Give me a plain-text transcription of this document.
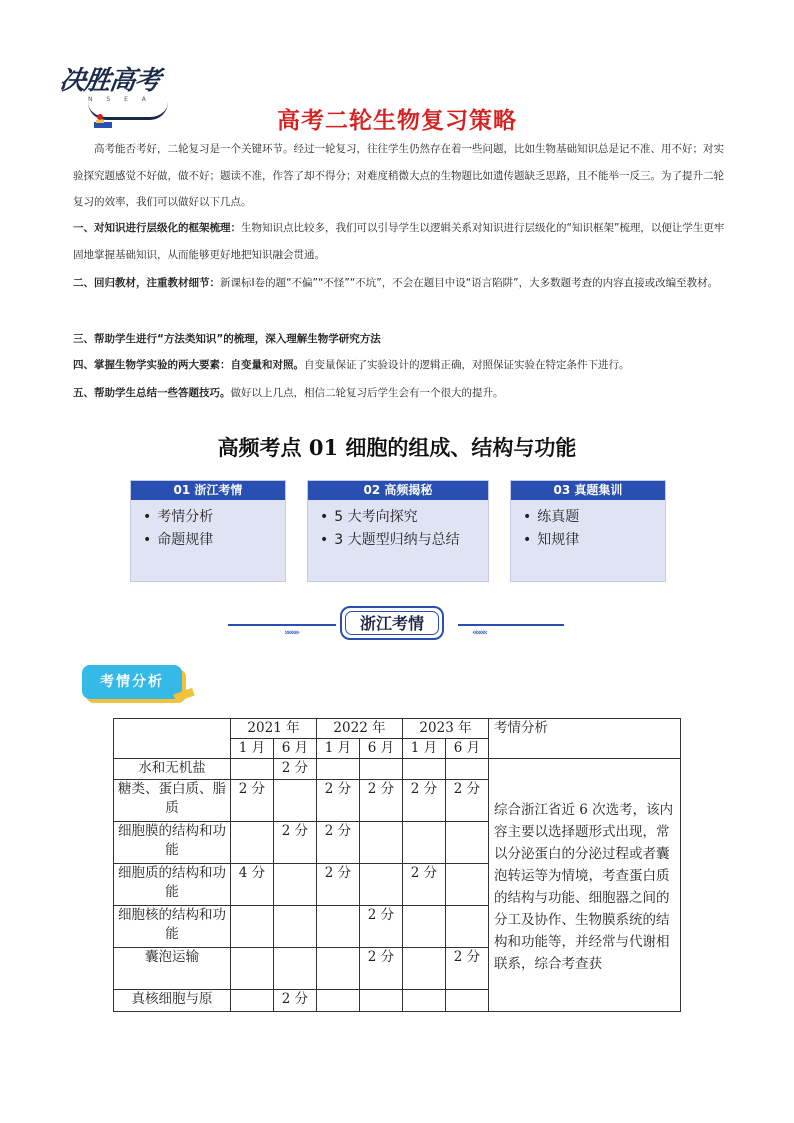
决胜高考
N S E A
高考二轮生物复习策略
高考能否考好，二轮复习是一个关键环节。经过一轮复习，往往学生仍然存在着一些问题，比如生物基础知识总是记不准、用不好；对实验探究题感觉不好做，做不好；题读不准，作答了却不得分；对难度稍微大点的生物题比如遗传题缺乏思路，且不能举一反三。为了提升二轮复习的效率，我们可以做好以下几点。
一、对知识进行层级化的框架梳理：生物知识点比较多，我们可以引导学生以逻辑关系对知识进行层级化的“知识框架”梳理，以便让学生更牢固地掌握基础知识，从而能够更好地把知识融会贯通。
二、回归教材，注重教材细节：新课标Ⅰ卷的题“不偏”“不怪”“不坑”，不会在题目中设“语言陷阱”，大多数题考查的内容直接或改编至教材。
三、帮助学生进行“方法类知识”的梳理，深入理解生物学研究方法
四、掌握生物学实验的两大要素：自变量和对照。自变量保证了实验设计的逻辑正确，对照保证实验在特定条件下进行。
五、帮助学生总结一些答题技巧。做好以上几点，相信二轮复习后学生会有一个很大的提升。
高频考点 01 细胞的组成、结构与功能
01 浙江考情
• 考情分析
• 命题规律
02 高频揭秘
• 5 大考向探究
• 3 大题型归纳与总结
03 真题集训
• 练真题
• 知规律
»»»»	浙江考情	««««
考情分析
	2021 年		2022 年		2023 年		考情分析
	1 月	6 月	1 月	6 月	1 月	6 月	
水和无机盐		2 分					综合浙江省近 6 次选考，该内容主要以选择题形式出现，常以分泌蛋白的分泌过程或者囊泡转运等为情境，考查蛋白质的结构与功能、细胞器之间的分工及协作、生物膜系统的结构和功能等，并经常与代谢相联系，综合考查获
糖类、蛋白质、脂质	2 分		2 分	2 分	2 分	2 分	
细胞膜的结构和功能		2 分	2 分				
细胞质的结构和功能	4 分		2 分		2 分		
细胞核的结构和功能				2 分			
囊泡运输				2 分		2 分	
真核细胞与原		2 分					
